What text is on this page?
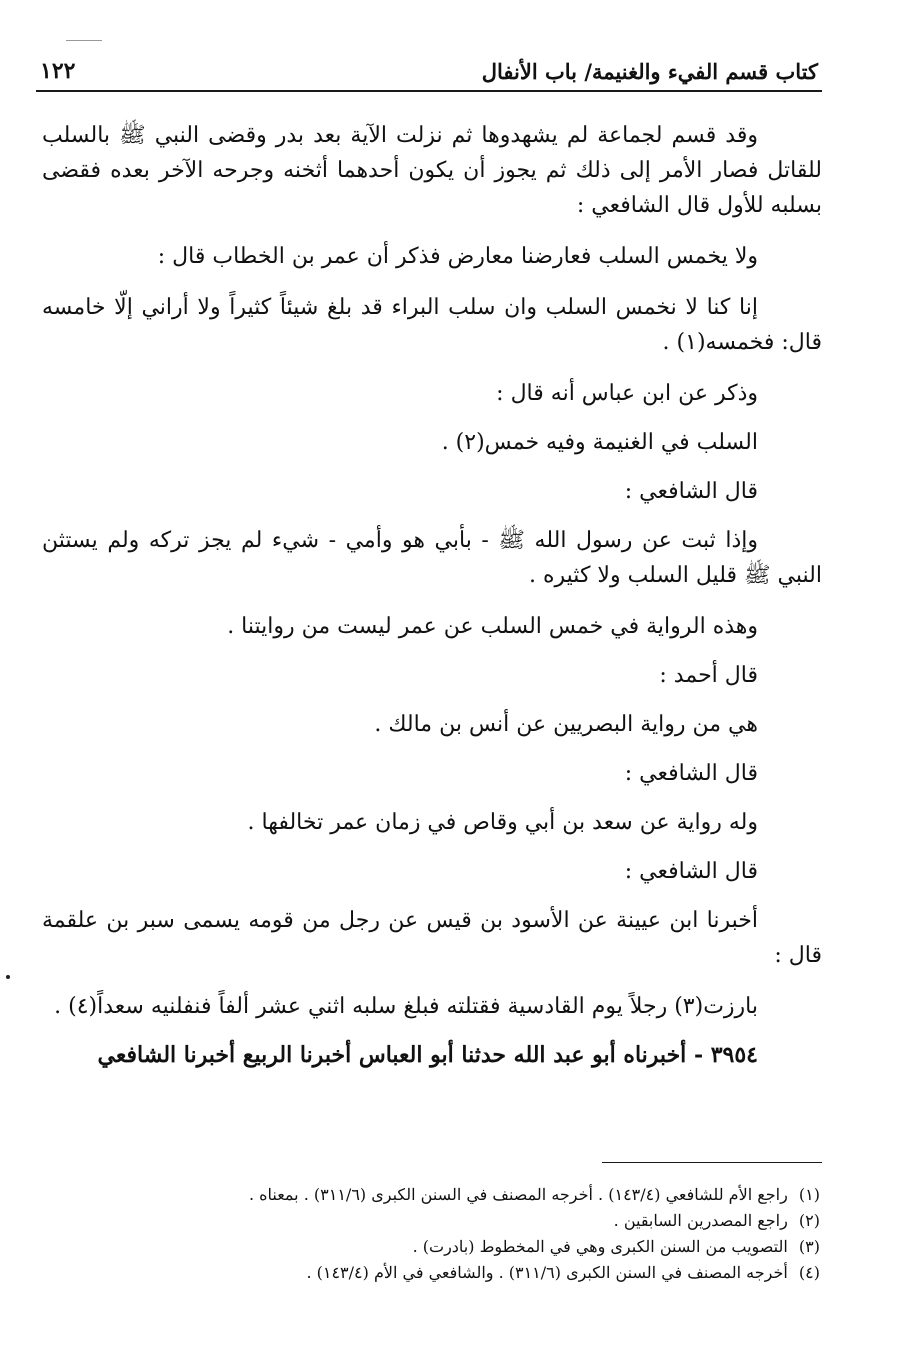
كتاب قسم الفيء والغنيمة/ باب الأنفال
١٢٢

وقد قسم لجماعة لم يشهدوها ثم نزلت الآية بعد بدر وقضى النبي ﷺ بالسلب للقاتل فصار الأمر إلى ذلك ثم يجوز أن يكون أحدهما أثخنه وجرحه الآخر بعده فقضى بسلبه للأول قال الشافعي :

ولا يخمس السلب فعارضنا معارض فذكر أن عمر بن الخطاب قال :

إنا كنا لا نخمس السلب وان سلب البراء قد بلغ شيئاً كثيراً ولا أراني إلّا خامسه قال: فخمسه(١) .

وذكر عن ابن عباس أنه قال :

السلب في الغنيمة وفيه خمس(٢) .

قال الشافعي :

وإذا ثبت عن رسول الله ﷺ - بأبي هو وأمي - شيء لم يجز تركه ولم يستثن النبي ﷺ قليل السلب ولا كثيره .

وهذه الرواية في خمس السلب عن عمر ليست من روايتنا .

قال أحمد :

هي من رواية البصريين عن أنس بن مالك .

قال الشافعي :

وله رواية عن سعد بن أبي وقاص في زمان عمر تخالفها .

قال الشافعي :

أخبرنا ابن عيينة عن الأسود بن قيس عن رجل من قومه يسمى سبر بن علقمة قال :

بارزت(٣) رجلاً يوم القادسية فقتلته فبلغ سلبه اثني عشر ألفاً فنفلنيه سعداً(٤) .

٣٩٥٤ - أخبرناه أبو عبد الله حدثنا أبو العباس أخبرنا الربيع أخبرنا الشافعي

(١) راجع الأم للشافعي (١٤٣/٤) . أخرجه المصنف في السنن الكبرى (٣١١/٦) . بمعناه .

(٢) راجع المصدرين السابقين .

(٣) التصويب من السنن الكبرى وهي في المخطوط (بادرت) .

(٤) أخرجه المصنف في السنن الكبرى (٣١١/٦) . والشافعي في الأم (١٤٣/٤) .
